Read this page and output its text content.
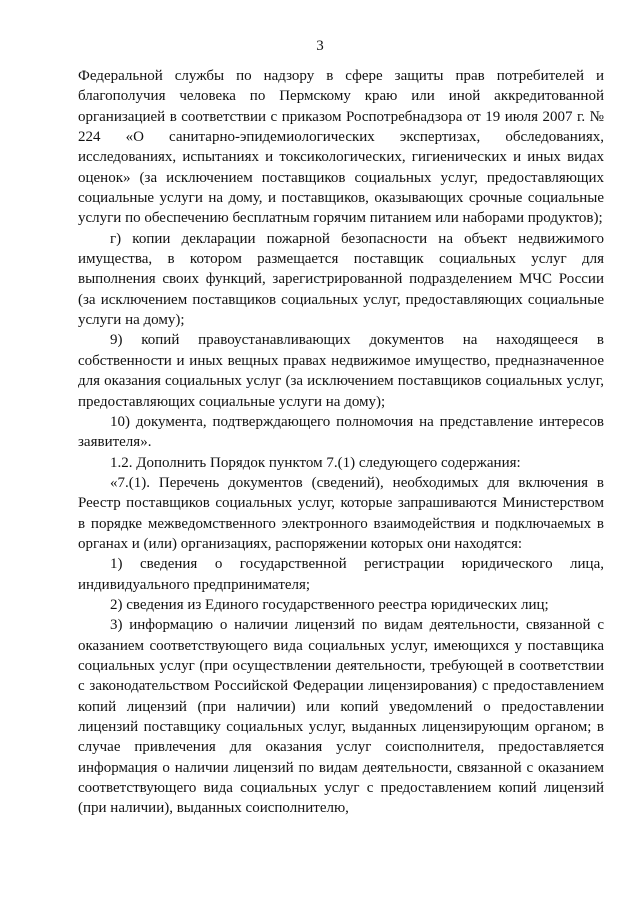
3

Федеральной службы по надзору в сфере защиты прав потребителей и благополучия человека по Пермскому краю или иной аккредитованной организацией в соответствии с приказом Роспотребнадзора от 19 июля 2007 г. № 224 «О санитарно-эпидемиологических экспертизах, обследованиях, исследованиях, испытаниях и токсикологических, гигиенических и иных видах оценок» (за исключением поставщиков социальных услуг, предоставляющих социальные услуги на дому, и поставщиков, оказывающих срочные социальные услуги по обеспечению бесплатным горячим питанием или наборами продуктов);

г) копии декларации пожарной безопасности на объект недвижимого имущества, в котором размещается поставщик социальных услуг для выполнения своих функций, зарегистрированной подразделением МЧС России (за исключением поставщиков социальных услуг, предоставляющих социальные услуги на дому);

9) копий правоустанавливающих документов на находящееся в собственности и иных вещных правах недвижимое имущество, предназначенное для оказания социальных услуг (за исключением поставщиков социальных услуг, предоставляющих социальные услуги на дому);

10) документа, подтверждающего полномочия на представление интересов заявителя».

1.2. Дополнить Порядок пунктом 7.(1) следующего содержания:

«7.(1). Перечень документов (сведений), необходимых для включения в Реестр поставщиков социальных услуг, которые запрашиваются Министерством в порядке межведомственного электронного взаимодействия и подключаемых в органах и (или) организациях, распоряжении которых они находятся:

1) сведения о государственной регистрации юридического лица, индивидуального предпринимателя;

2) сведения из Единого государственного реестра юридических лиц;

3) информацию о наличии лицензий по видам деятельности, связанной с оказанием соответствующего вида социальных услуг, имеющихся у поставщика социальных услуг (при осуществлении деятельности, требующей в соответствии с законодательством Российской Федерации лицензирования) с предоставлением копий лицензий (при наличии) или копий уведомлений о предоставлении лицензий поставщику социальных услуг, выданных лицензирующим органом; в случае привлечения для оказания услуг соисполнителя, предоставляется информация о наличии лицензий по видам деятельности, связанной с оказанием соответствующего вида социальных услуг с предоставлением копий лицензий (при наличии), выданных соисполнителю,
